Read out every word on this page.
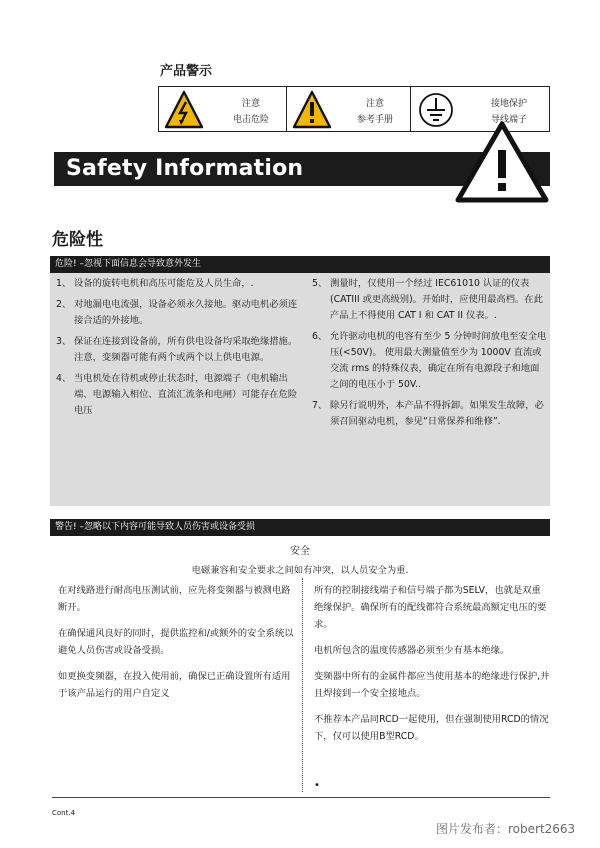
产品警示
注意
电击危险
注意
参考手册
接地保护
导线端子
Safety Information
危险性
危险! –忽视下面信息会导致意外发生
1、 设备的旋转电机和高压可能危及人员生命，.
2、 对地漏电电流强，设备必须永久接地。驱动电机必须连接合适的外接地。
3、 保证在连接到设备前，所有供电设备均采取绝缘措施。注意，变频器可能有两个或两个以上供电电源。
4、 当电机处在待机或停止状态时，电源端子（电机输出端、电源输入相位、直流汇流条和电闸）可能存在危险电压
5、 测量时，仅使用一个经过 IEC61010 认证的仪表(CATIII 或更高级别)。开始时，应使用最高档。在此产品上不得使用 CAT I 和 CAT II 仪表。.
6、 允许驱动电机的电容有至少 5 分钟时间放电至安全电压(<50V)。 使用最大测量值至少为 1000V 直流或交流 rms 的特殊仪表，确定在所有电源段子和地面之间的电压小于 50V..
7、 除另行说明外，本产品不得拆卸。如果发生故障，必须召回驱动电机，参见“日常保养和维修”.
警告! –忽略以下内容可能导致人员伤害或设备受损
安全
电磁兼容和安全要求之间如有冲突，以人员安全为重.
在对线路进行耐高电压测试前，应先将变频器与被测电路断开。
在确保通风良好的同时，提供监控和/或额外的安全系统以避免人员伤害或设备受损。
如更换变频器，在投入使用前，确保已正确设置所有适用于该产品运行的用户自定义
所有的控制接线端子和信号端子都为SELV，也就是双重绝缘保护。确保所有的配线都符合系统最高额定电压的要求。
电机所包含的温度传感器必须至少有基本绝缘。
变频器中所有的金属件都应当使用基本的绝缘进行保护,并且焊接到一个安全接地点。
不推荐本产品同RCD一起使用，但在强制使用RCD的情况下，仅可以使用B型RCD。
•
Cont.4
图片发布者：robert2663
